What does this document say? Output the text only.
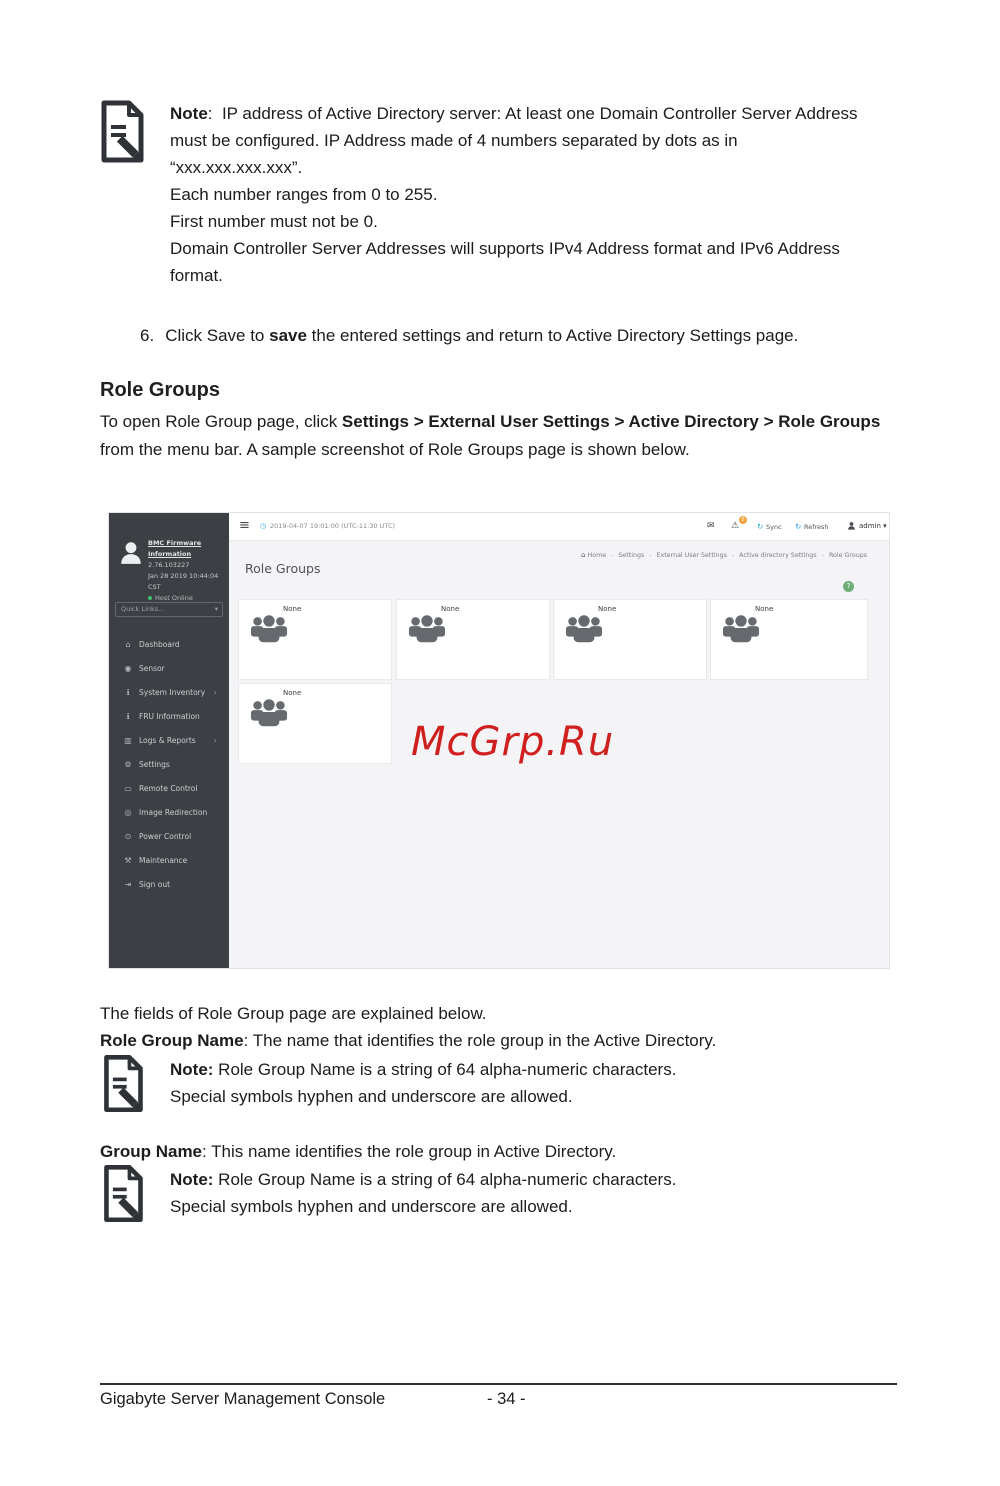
Note:  IP address of Active Directory server: At least one Domain Controller Server Address must be configured. IP Address made of 4 numbers separated by dots as in “xxx.xxx.xxx.xxx”.
Each number ranges from 0 to 255.
First number must not be 0.
Domain Controller Server Addresses will supports IPv4 Address format and IPv6 Address format.
6. Click Save to save the entered settings and return to Active Directory Settings page.
Role Groups
To open Role Group page, click Settings > External User Settings > Active Directory > Role Groups from the menu bar. A sample screenshot of Role Groups page is shown below.
BMC Firmware Information
2.76.103227
Jan 28 2019 10:44:04 CST
Host Online
Quick Links...	▾
⌂	Dashboard
◉	Sensor
ℹ	System Inventory ›
ℹ	FRU Information
▥ Logs & Reports ›
⚙ Settings
▭ Remote Control
◎	Image Redirection
⊙	Power Control
⚒ Maintenance
⇥	Sign out
≡ ◷ 2019-04-07 19:01:00 (UTC-11:30 UTC)	✉ ⚠
0
↻ Sync ↻ Refresh	admin ▾
Role Groups
⌂ Home - Settings - External User Settings - Active directory Settings - Role Groups
?
None	None	None	None
None
McGrp.Ru
The fields of Role Group page are explained below.
Role Group Name: The name that identifies the role group in the Active Directory.
Note: Role Group Name is a string of 64 alpha-numeric characters.
Special symbols hyphen and underscore are allowed.
Group Name: This name identifies the role group in Active Directory.
Note: Role Group Name is a string of 64 alpha-numeric characters.
Special symbols hyphen and underscore are allowed.
Gigabyte Server Management Console	- 34 -
